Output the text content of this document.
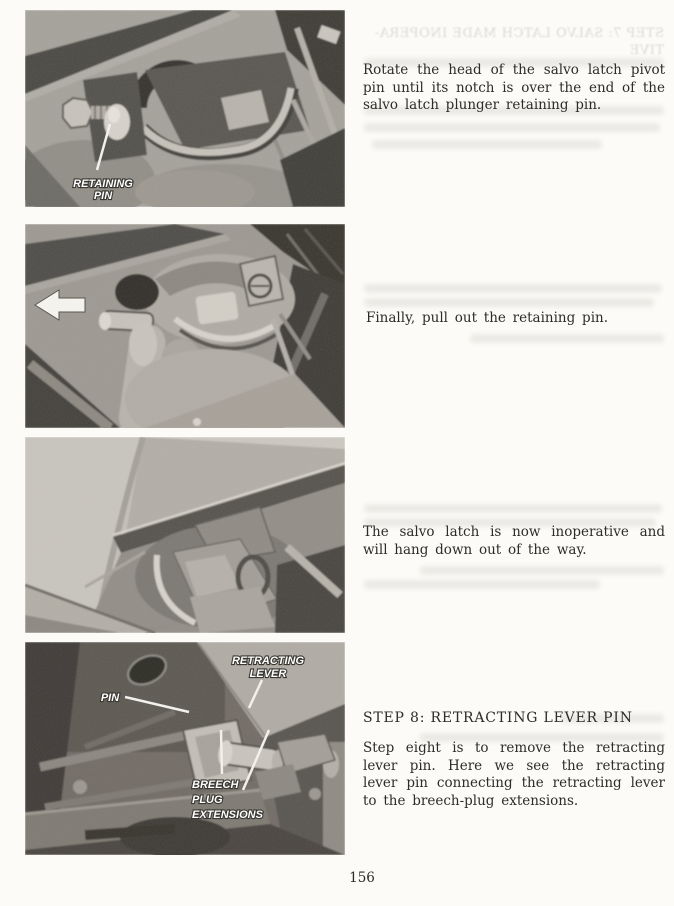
RETAINING
PIN
RETRACTING
LEVER
PIN
BREECH
PLUG
EXTENSIONS
STEP 7: SALVO LATCH MADE INOPERA-
TIVE
Rotate the head of the salvo latch pivot pin until its notch is over the end of the salvo latch plunger retaining pin.
Finally, pull out the retaining pin.
The salvo latch is now inoperative and will hang down out of the way.
STEP 8: RETRACTING LEVER PIN
Step eight is to remove the retracting lever pin. Here we see the retracting lever pin connecting the retracting lever to the breech-plug extensions.
156
